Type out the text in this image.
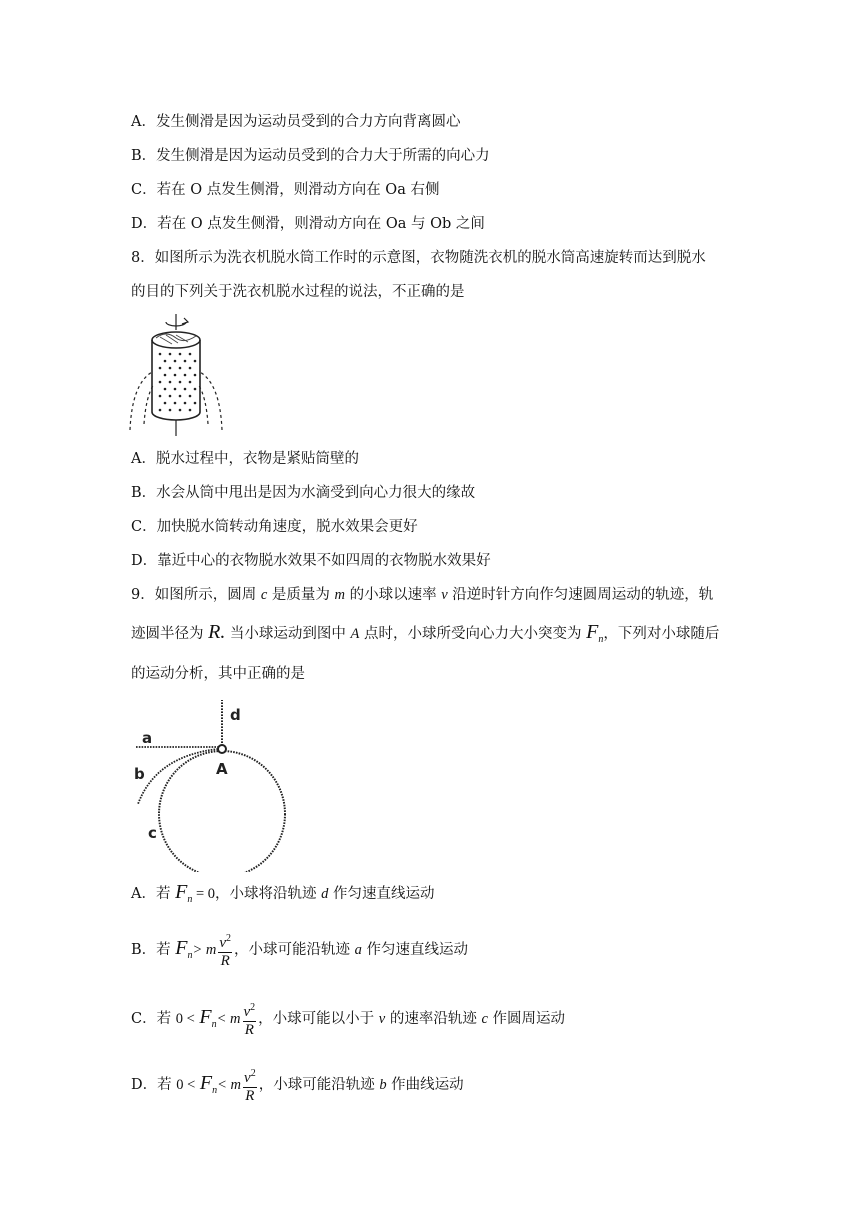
A．发生侧滑是因为运动员受到的合力方向背离圆心
B．发生侧滑是因为运动员受到的合力大于所需的向心力
C．若在 O 点发生侧滑，则滑动方向在 Oa 右侧
D．若在 O 点发生侧滑，则滑动方向在 Oa 与 Ob 之间
8．如图所示为洗衣机脱水筒工作时的示意图，衣物随洗衣机的脱水筒高速旋转而达到脱水
的目的下列关于洗衣机脱水过程的说法，不正确的是
A．脱水过程中，衣物是紧贴筒壁的
B．水会从筒中甩出是因为水滴受到向心力很大的缘故
C．加快脱水筒转动角速度，脱水效果会更好
D．靠近中心的衣物脱水效果不如四周的衣物脱水效果好
9．如图所示，圆周 c 是质量为 m 的小球以速率 v 沿逆时针方向作匀速圆周运动的轨迹，轨
迹圆半径为 R. 当小球运动到图中 A 点时，小球所受向心力大小突变为 $F_n$，下列对小球随后
的运动分析，其中正确的是
d
a
b
c
A
A．若 $F_n = 0$，小球将沿轨迹 d 作匀速直线运动
B．若 $F_n> m \frac{v^2}{R}$ ，小球可能沿轨迹 a 作匀速直线运动
C．若 $0 < F_n< m \frac{v^2}{R}$ ，小球可能以小于 v 的速率沿轨迹 c 作圆周运动
D．若 $0 < F_n< m \frac{v^2}{R}$ ，小球可能沿轨迹 b 作曲线运动
